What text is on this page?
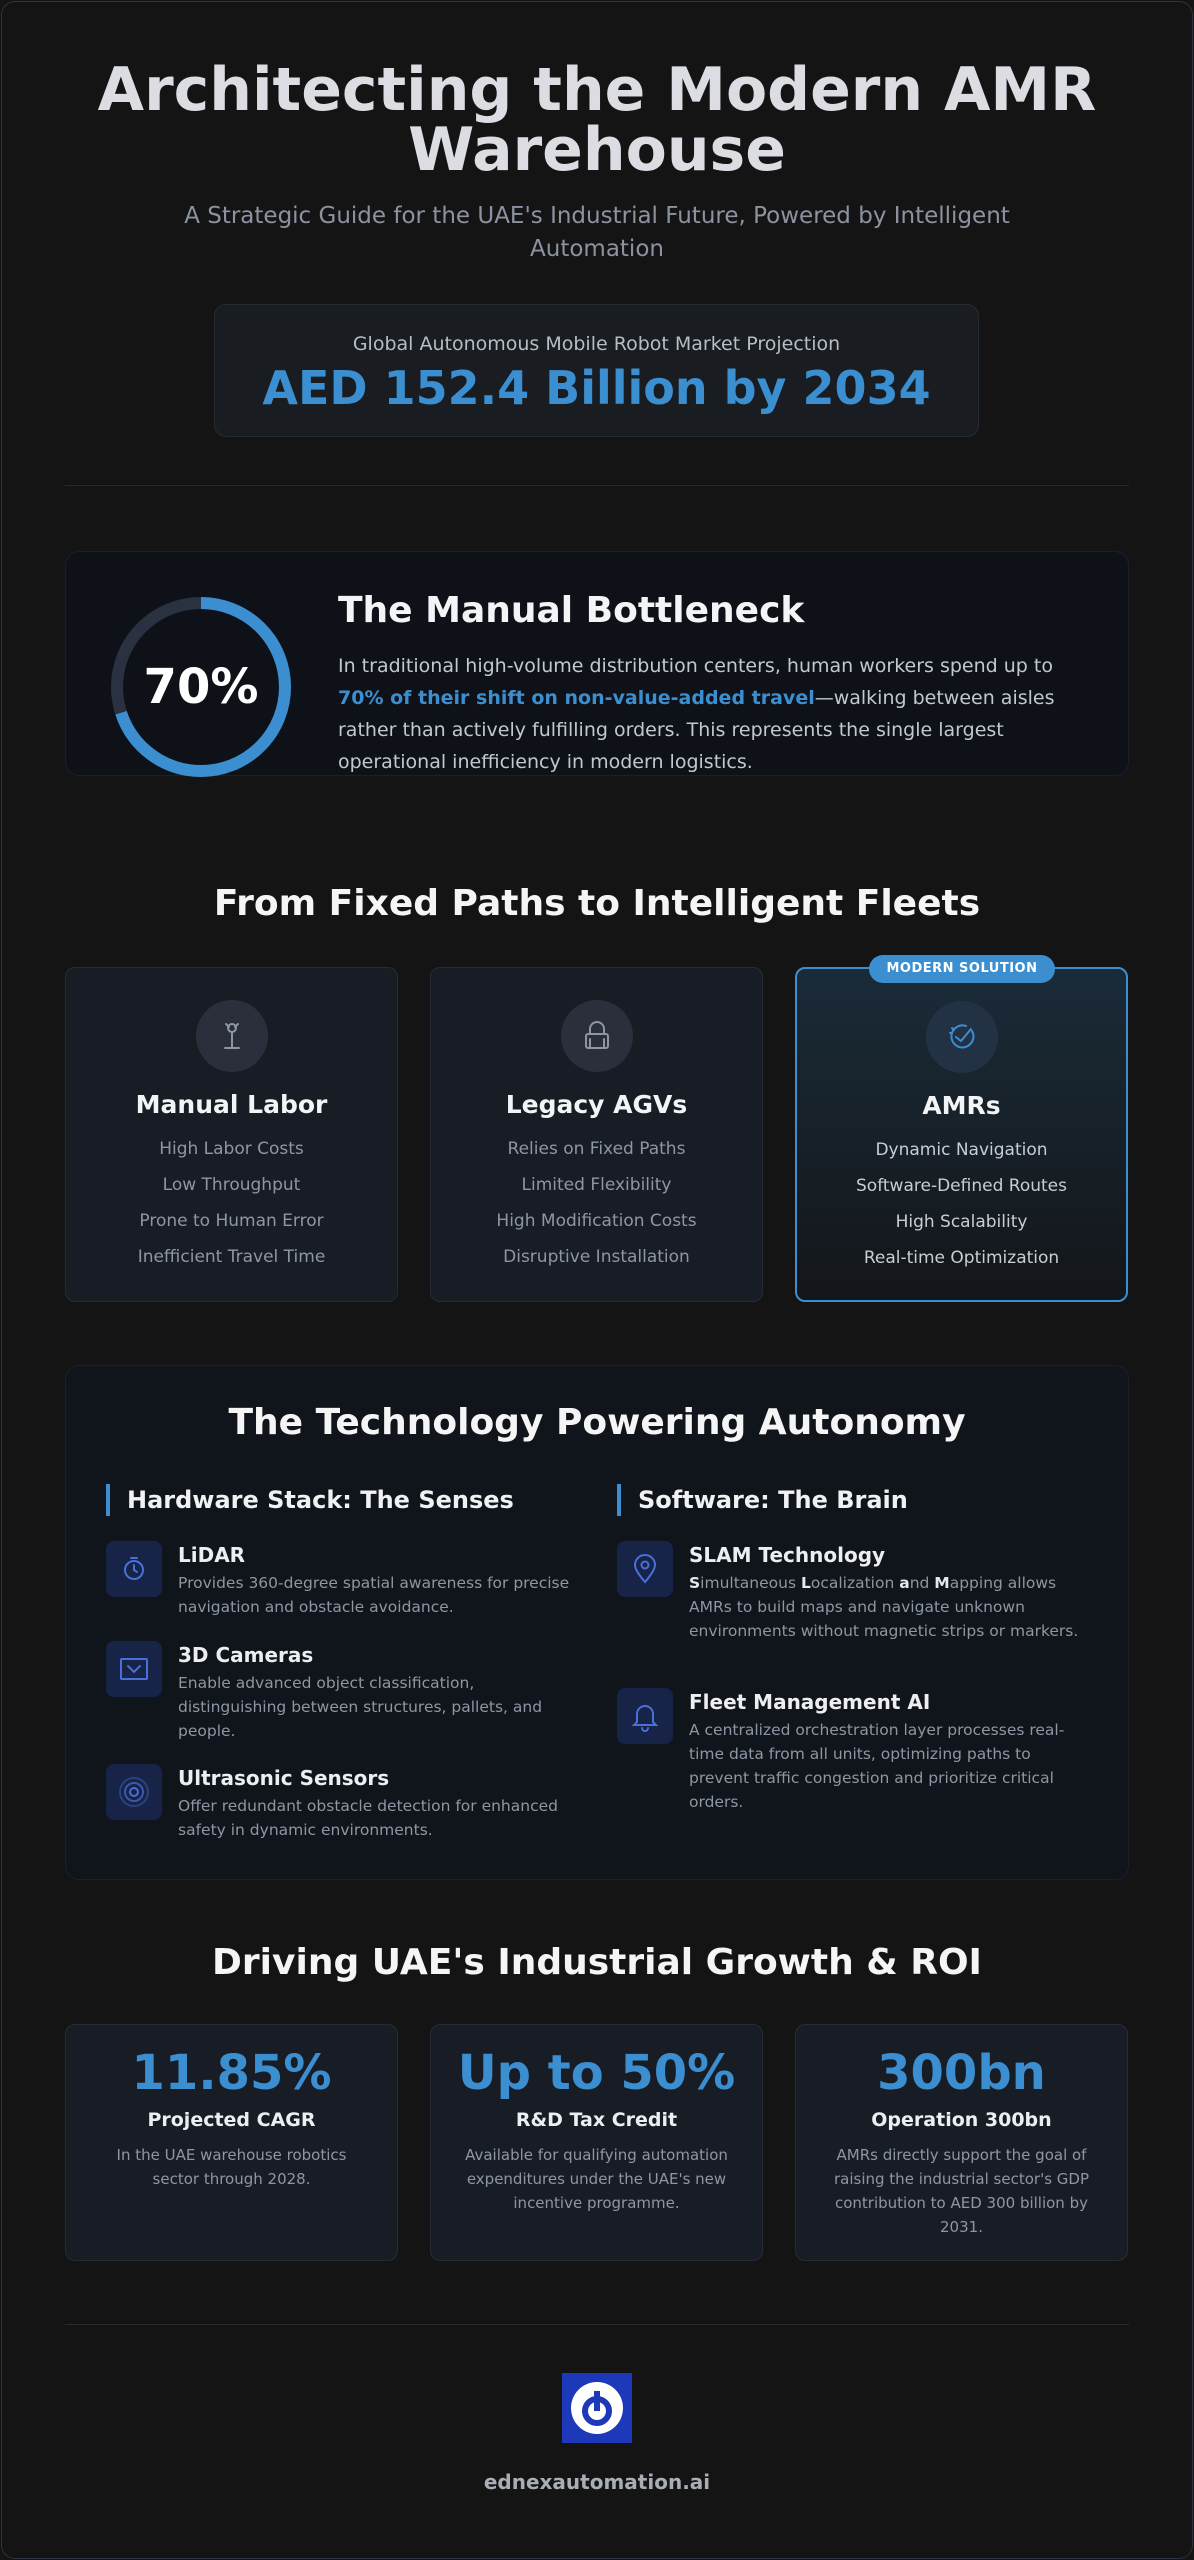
Architecting the Modern AMR
Warehouse

A Strategic Guide for the UAE's Industrial Future, Powered by Intelligent Automation

Global Autonomous Mobile Robot Market Projection
AED 152.4 Billion by 2034
70%
The Manual Bottleneck

In traditional high-volume distribution centers, human workers spend up to 70% of their shift on non-value-added travel—walking between aisles rather than actively fulfilling orders. This represents the single largest operational inefficiency in modern logistics.

From Fixed Paths to Intelligent Fleets
Manual Labor
High Labor Costs
Low Throughput
Prone to Human Error
Inefficient Travel Time
Legacy AGVs
Relies on Fixed Paths
Limited Flexibility
High Modification Costs
Disruptive Installation
MODERN SOLUTION
AMRs
Dynamic Navigation
Software-Defined Routes
High Scalability
Real-time Optimization
The Technology Powering Autonomy
Hardware Stack: The Senses	Software: The Brain
LiDAR
Provides 360-degree spatial awareness for precise navigation and obstacle avoidance.
3D Cameras
Enable advanced object classification, distinguishing between structures, pallets, and people.
Ultrasonic Sensors
Offer redundant obstacle detection for enhanced safety in dynamic environments.
SLAM Technology
Simultaneous Localization and Mapping allows AMRs to build maps and navigate unknown environments without magnetic strips or markers.
Fleet Management AI
A centralized orchestration layer processes real-time data from all units, optimizing paths to prevent traffic congestion and prioritize critical orders.
Driving UAE's Industrial Growth & ROI
11.85%
Projected CAGR
In the UAE warehouse robotics sector through 2028.
Up to 50%
R&D Tax Credit
Available for qualifying automation expenditures under the UAE's new incentive programme.
300bn
Operation 300bn
AMRs directly support the goal of raising the industrial sector's GDP contribution to AED 300 billion by 2031.
ednexautomation.ai
